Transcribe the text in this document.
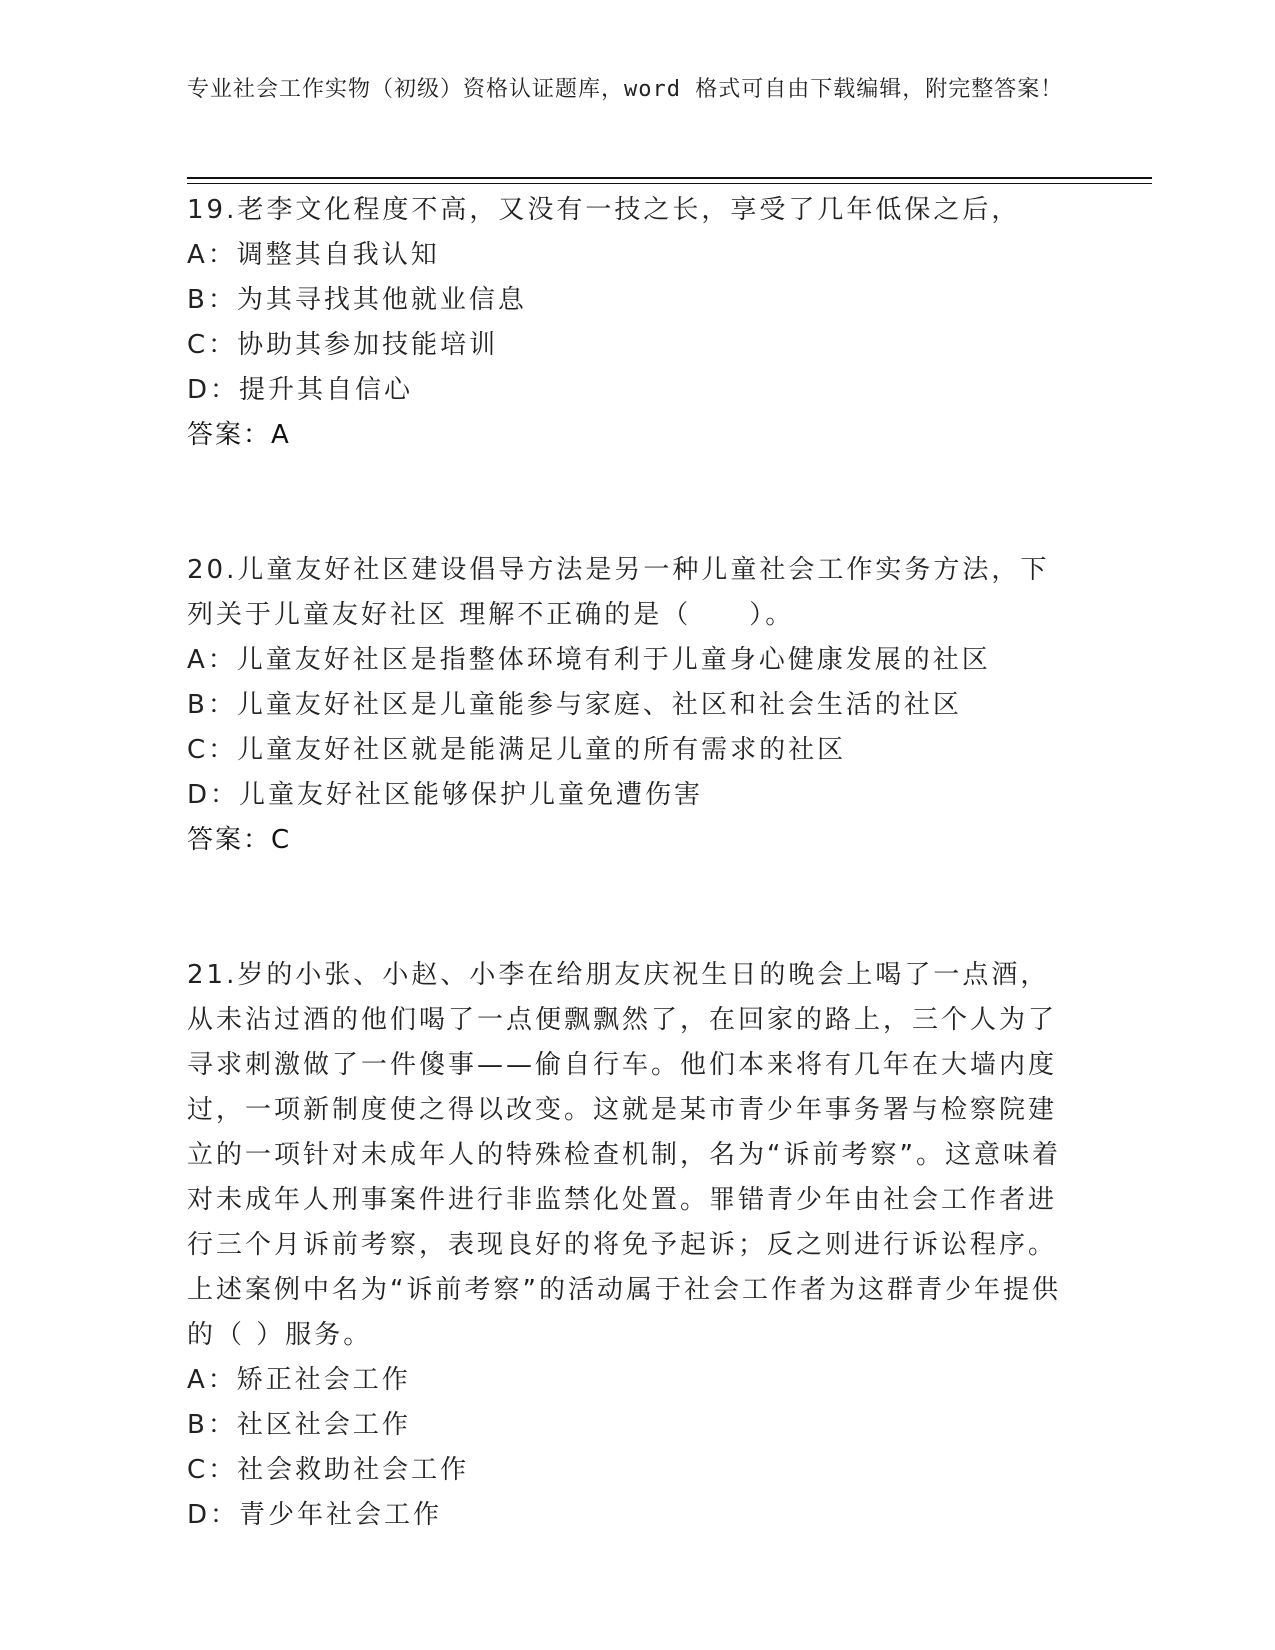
专业社会工作实物（初级）资格认证题库，word 格式可自由下载编辑，附完整答案！

19.老李文化程度不高，又没有一技之长，享受了几年低保之后，

A：调整其自我认知

B：为其寻找其他就业信息

C：协助其参加技能培训

D：提升其自信心

答案：A

20.儿童友好社区建设倡导方法是另一种儿童社会工作实务方法，下列关于儿童友好社区 理解不正确的是（　　）。

A：儿童友好社区是指整体环境有利于儿童身心健康发展的社区

B：儿童友好社区是儿童能参与家庭、社区和社会生活的社区

C：儿童友好社区就是能满足儿童的所有需求的社区

D：儿童友好社区能够保护儿童免遭伤害

答案：C

21.岁的小张、小赵、小李在给朋友庆祝生日的晚会上喝了一点酒，从未沾过酒的他们喝了一点便飘飘然了，在回家的路上，三个人为了寻求刺激做了一件傻事——偷自行车。他们本来将有几年在大墙内度过，一项新制度使之得以改变。这就是某市青少年事务署与检察院建立的一项针对未成年人的特殊检查机制，名为“诉前考察”。这意味着对未成年人刑事案件进行非监禁化处置。罪错青少年由社会工作者进行三个月诉前考察，表现良好的将免予起诉；反之则进行诉讼程序。上述案例中名为“诉前考察”的活动属于社会工作者为这群青少年提供的（ ）服务。

A：矫正社会工作

B：社区社会工作

C：社会救助社会工作

D：青少年社会工作
